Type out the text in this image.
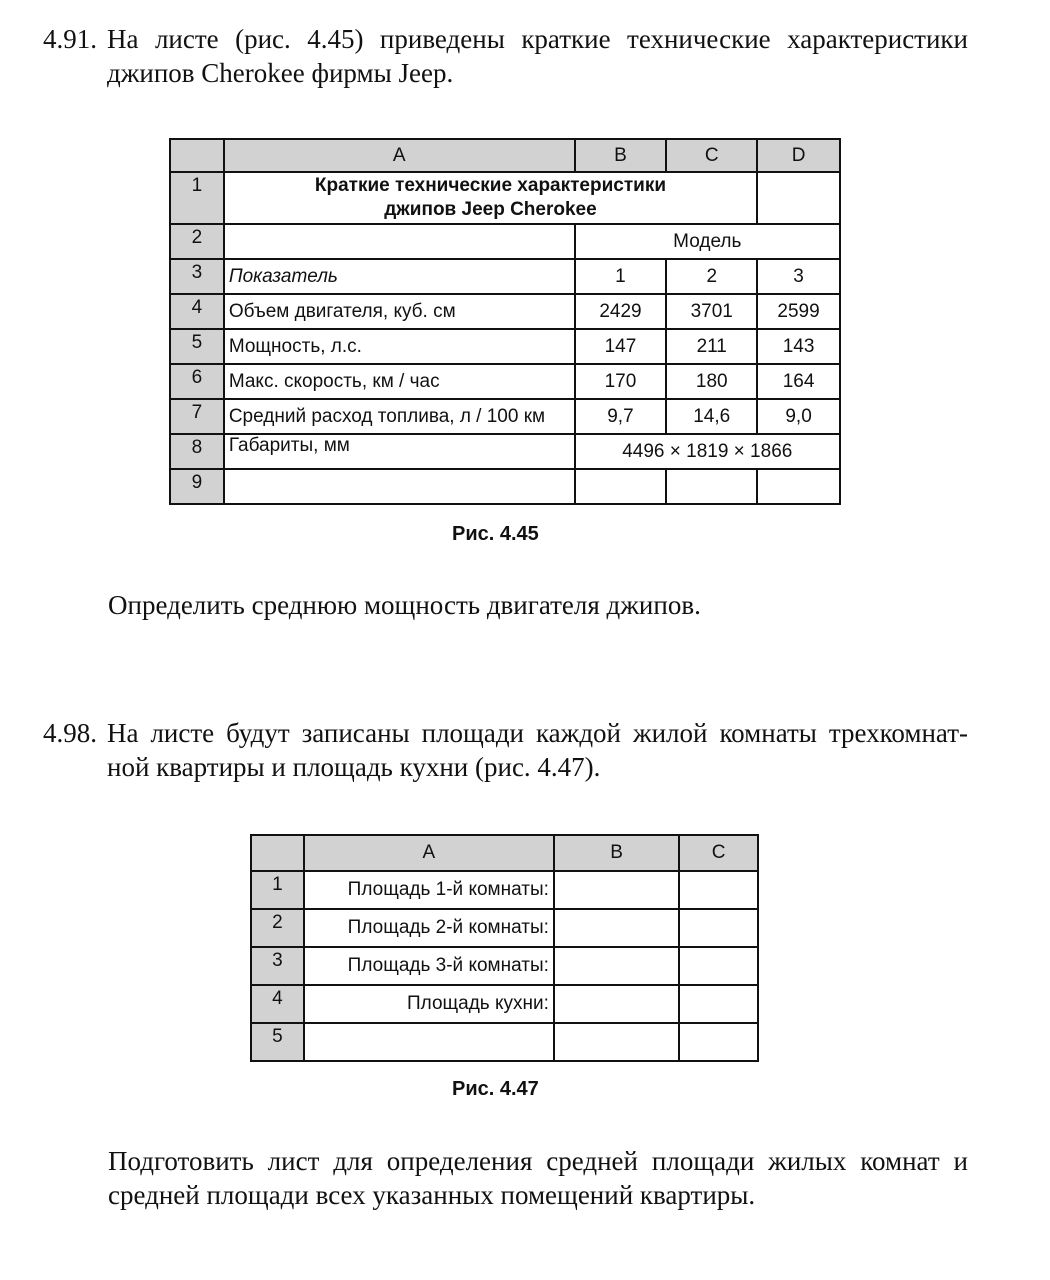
4.91. На листе (рис. 4.45) приведены краткие технические характеристики
джипов Cherokee фирмы Jeep.
	A	B	C	D
1	Краткие технические характеристики
джипов Jeep Cherokee			
2		Модель		
3	Показатель	1	2	3
4	Объем двигателя, куб. см	2429	3701	2599
5	Мощность, л.с.	147	211	143
6	Макс. скорость, км / час	170	180	164
7	Средний расход топлива, л / 100 км	9,7	14,6	9,0
8	Габариты, мм	4496 × 1819 × 1866		
9				
Рис. 4.45
Определить среднюю мощность двигателя джипов.
4.98. На листе будут записаны площади каждой жилой комнаты трехкомнат-
ной квартиры и площадь кухни (рис. 4.47).
	A	B	C
1	Площадь 1-й комнаты:		
2	Площадь 2-й комнаты:		
3	Площадь 3-й комнаты:		
4	Площадь кухни:		
5			
Рис. 4.47
Подготовить лист для определения средней площади жилых комнат и
средней площади всех указанных помещений квартиры.
